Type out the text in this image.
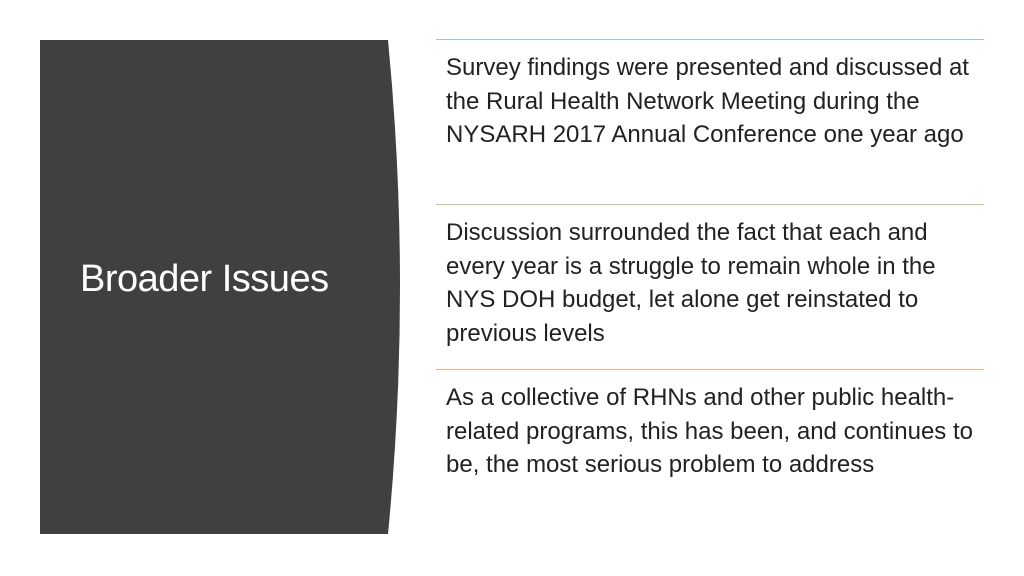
Broader Issues

Survey findings were presented and discussed at the Rural Health Network Meeting during the NYSARH 2017 Annual Conference one year ago

Discussion surrounded the fact that each and every year is a struggle to remain whole in the NYS DOH budget, let alone get reinstated to previous levels

As a collective of RHNs and other public health-related programs, this has been, and continues to be, the most serious problem to address
